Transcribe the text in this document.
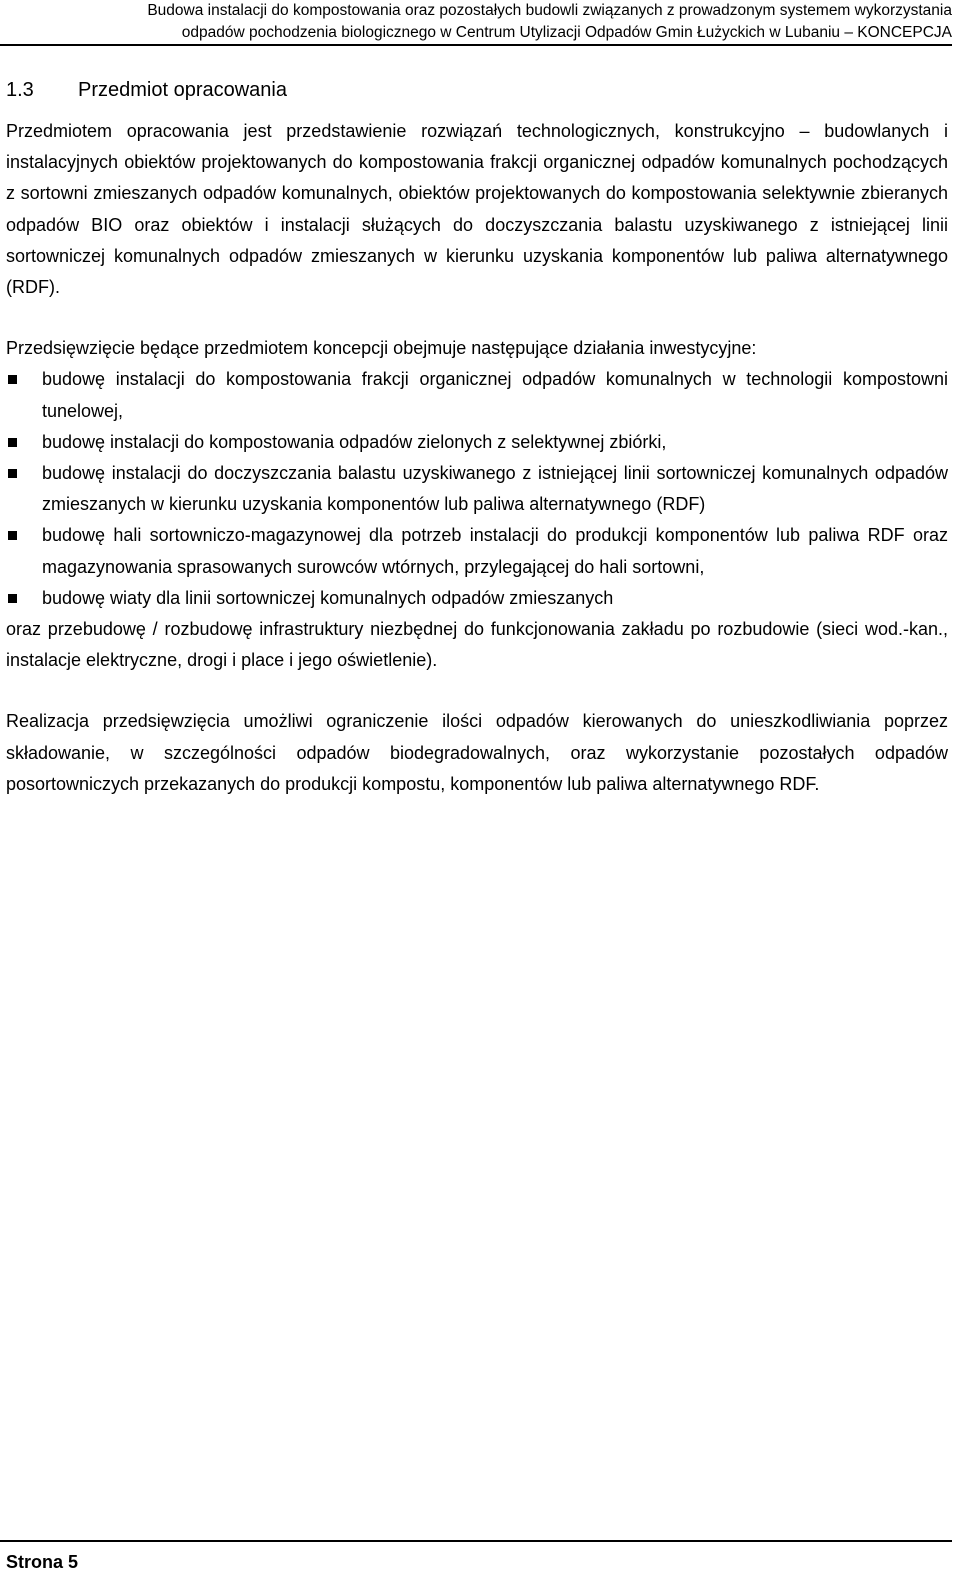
Budowa instalacji do kompostowania oraz pozostałych budowli związanych z prowadzonym systemem wykorzystania
odpadów pochodzenia biologicznego w Centrum Utylizacji Odpadów Gmin Łużyckich w Lubaniu – KONCEPCJA
1.3	Przedmiot opracowania

Przedmiotem opracowania jest przedstawienie rozwiązań technologicznych, konstrukcyjno – budowlanych i instalacyjnych obiektów projektowanych do kompostowania frakcji organicznej odpadów komunalnych pochodzących z sortowni zmieszanych odpadów komunalnych, obiektów projektowanych do kompostowania selektywnie zbieranych odpadów BIO oraz obiektów i instalacji służących do doczyszczania balastu uzyskiwanego z istniejącej linii sortowniczej komunalnych odpadów zmieszanych w kierunku uzyskania komponentów lub paliwa alternatywnego (RDF).

Przedsięwzięcie będące przedmiotem koncepcji obejmuje następujące działania inwestycyjne:

budowę instalacji do kompostowania frakcji organicznej odpadów komunalnych w technologii kompostowni tunelowej,
budowę instalacji do kompostowania odpadów zielonych z selektywnej zbiórki,
budowę instalacji do doczyszczania balastu uzyskiwanego z istniejącej linii sortowniczej komunalnych odpadów zmieszanych w kierunku uzyskania komponentów lub paliwa alternatywnego (RDF)
budowę hali sortowniczo-magazynowej dla potrzeb instalacji do produkcji komponentów lub paliwa RDF oraz magazynowania sprasowanych surowców wtórnych, przylegającej do hali sortowni,
budowę wiaty dla linii sortowniczej komunalnych odpadów zmieszanych

oraz przebudowę / rozbudowę infrastruktury niezbędnej do funkcjonowania zakładu po rozbudowie (sieci wod.-kan., instalacje elektryczne, drogi i place i jego oświetlenie).

Realizacja przedsięwzięcia umożliwi ograniczenie ilości odpadów kierowanych do unieszkodliwiania poprzez składowanie, w szczególności odpadów biodegradowalnych, oraz wykorzystanie pozostałych odpadów posortowniczych przekazanych do produkcji kompostu, komponentów lub paliwa alternatywnego RDF.

Strona 5
